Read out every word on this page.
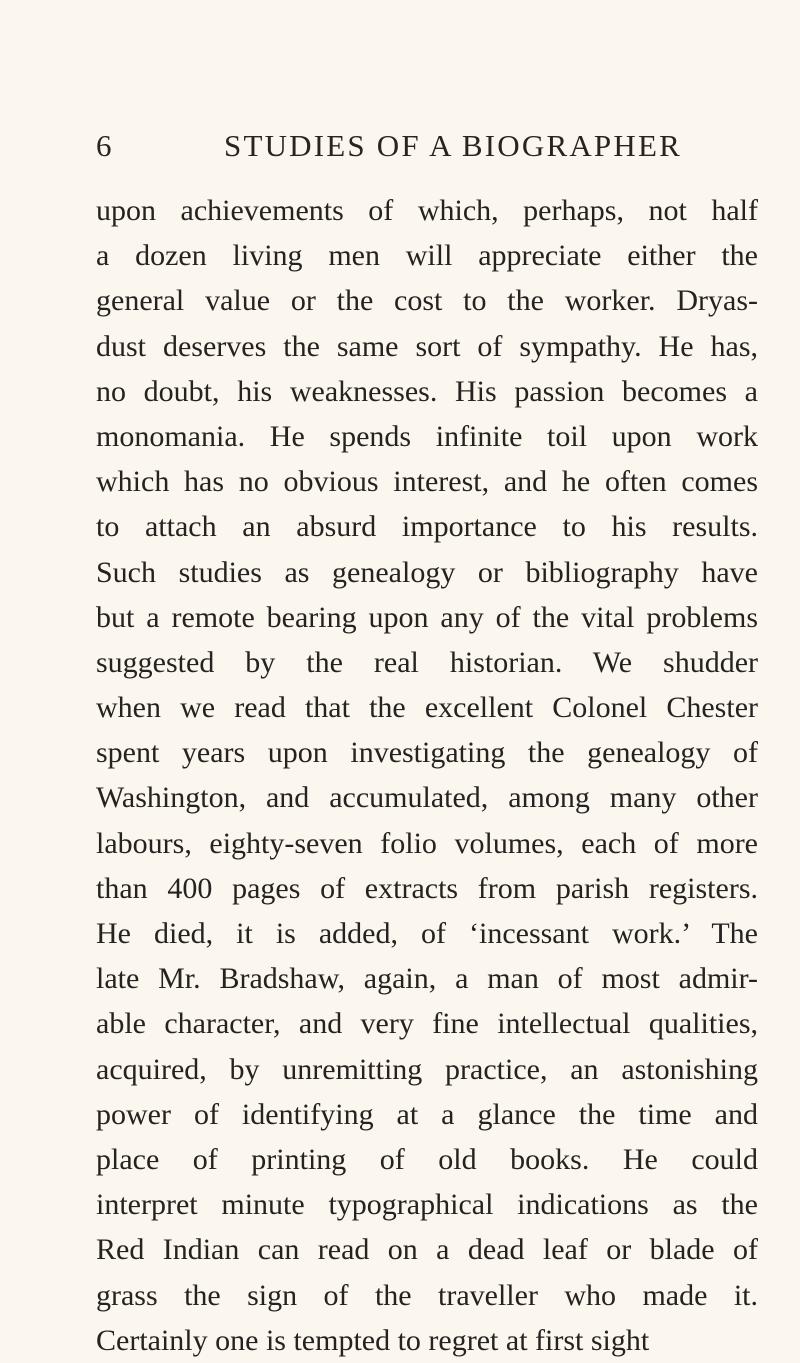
6	STUDIES OF A BIOGRAPHER
upon achievements of which, perhaps, not half
a dozen living men will appreciate either the
general value or the cost to the worker. Dryas-
dust deserves the same sort of sympathy. He has,
no doubt, his weaknesses. His passion becomes a
monomania. He spends infinite toil upon work
which has no obvious interest, and he often comes
to attach an absurd importance to his results.
Such studies as genealogy or bibliography have
but a remote bearing upon any of the vital problems
suggested by the real historian. We shudder
when we read that the excellent Colonel Chester
spent years upon investigating the genealogy of
Washington, and accumulated, among many other
labours, eighty-seven folio volumes, each of more
than 400 pages of extracts from parish registers.
He died, it is added, of ‘incessant work.’ The
late Mr. Bradshaw, again, a man of most admir-
able character, and very fine intellectual qualities,
acquired, by unremitting practice, an astonishing
power of identifying at a glance the time and
place of printing of old books. He could
interpret minute typographical indications as the
Red Indian can read on a dead leaf or blade of
grass the sign of the traveller who made it.
Certainly one is tempted to regret at first sight
